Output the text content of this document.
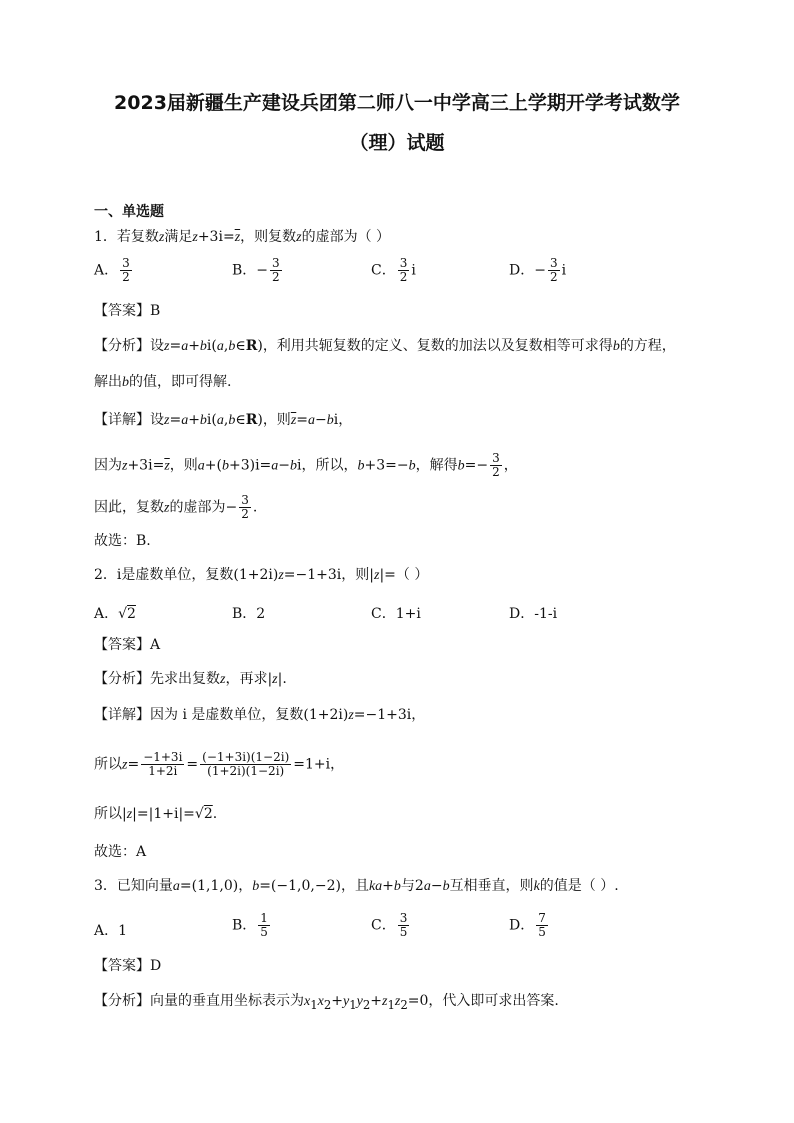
2023届新疆生产建设兵团第二师八一中学高三上学期开学考试数学
（理）试题
一、单选题
1．若复数z满足$z+3i=\overline{z}$，则复数z的虚部为（ ）
A． $\frac{3}{2}$	B．− $\frac{3}{2}$	C． $\frac{3}{2}$ i	D．− $\frac{3}{2}$ i
【答案】B
【分析】设z=a+bi(a,b∈R)，利用共轭复数的定义、复数的加法以及复数相等可求得b的方程，
解出b的值，即可得解.
【详解】设z=a+bi(a,b∈R)，则$\overline{z}=a-bi$，
因为$z+3i=\overline{z}$，则a+(b+3)i=a−bi，所以，b+3=−b，解得$b=- \frac{3}{2}$ ，
因此，复数z的虚部为− $\frac{3}{2}$ .
故选：B.
2．i是虚数单位，复数(1+2i)z=−1+3i，则|z|=（ ）
A．√2	B．2	C．1+i	D．-1-i
【答案】A
【分析】先求出复数z，再求|z|.
【详解】因为 i 是虚数单位，复数(1+2i)z=−1+3i，
所以$z= \frac{-1+3i}{1+2i} = \frac{(-1+3i)(1-2i)}{(1+2i)(1-2i)} =1+i$，
所以|z|=|1+i|=√2.
故选：A
3．已知向量a=(1,1,0)，b=(−1,0,−2)，且ka+b与2a−b互相垂直，则k的值是（ ）.
A．1	B． $\frac{1}{5}$	C． $\frac{3}{5}$	D． $\frac{7}{5}$
【答案】D
【分析】向量的垂直用坐标表示为$x_1x_2+y_1y_2+z_1z_2=0$，代入即可求出答案.
